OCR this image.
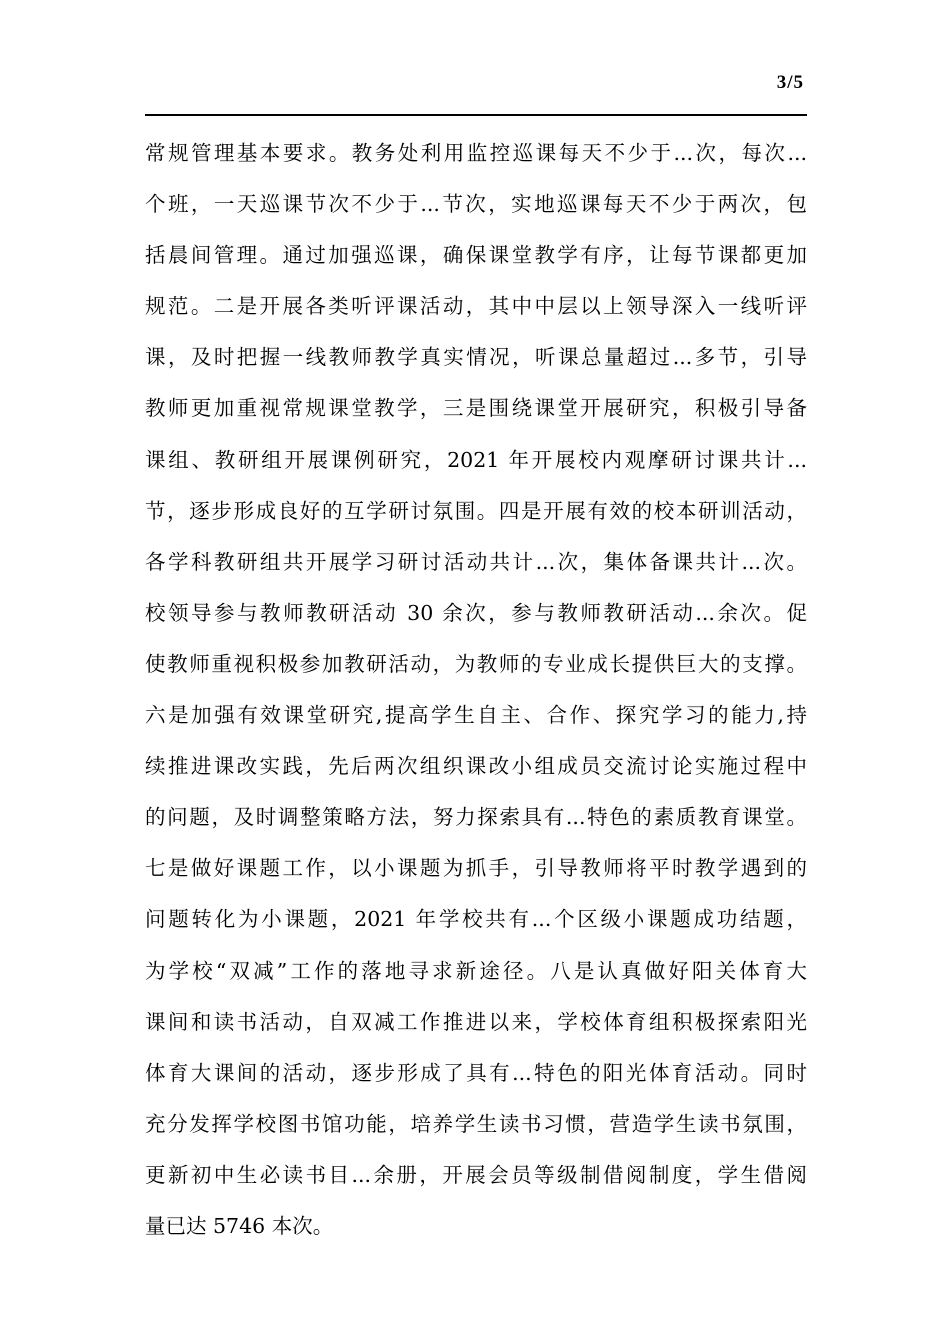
3/5
常规管理基本要求。教务处利用监控巡课每天不少于...次，每次...
个班，一天巡课节次不少于...节次，实地巡课每天不少于两次，包
括晨间管理。通过加强巡课，确保课堂教学有序，让每节课都更加
规范。二是开展各类听评课活动，其中中层以上领导深入一线听评
课，及时把握一线教师教学真实情况，听课总量超过...多节，引导
教师更加重视常规课堂教学，三是围绕课堂开展研究，积极引导备
课组、教研组开展课例研究，2021 年开展校内观摩研讨课共计...
节，逐步形成良好的互学研讨氛围。四是开展有效的校本研训活动，
各学科教研组共开展学习研讨活动共计...次，集体备课共计...次。
校领导参与教师教研活动 30 余次，参与教师教研活动...余次。促
使教师重视积极参加教研活动，为教师的专业成长提供巨大的支撑。
六是加强有效课堂研究,提高学生自主、合作、探究学习的能力,持
续推进课改实践，先后两次组织课改小组成员交流讨论实施过程中
的问题，及时调整策略方法，努力探索具有...特色的素质教育课堂。
七是做好课题工作，以小课题为抓手，引导教师将平时教学遇到的
问题转化为小课题，2021 年学校共有...个区级小课题成功结题，
为学校“双减”工作的落地寻求新途径。八是认真做好阳关体育大
课间和读书活动，自双减工作推进以来，学校体育组积极探索阳光
体育大课间的活动，逐步形成了具有...特色的阳光体育活动。同时
充分发挥学校图书馆功能，培养学生读书习惯，营造学生读书氛围，
更新初中生必读书目...余册，开展会员等级制借阅制度，学生借阅
量已达 5746 本次。
